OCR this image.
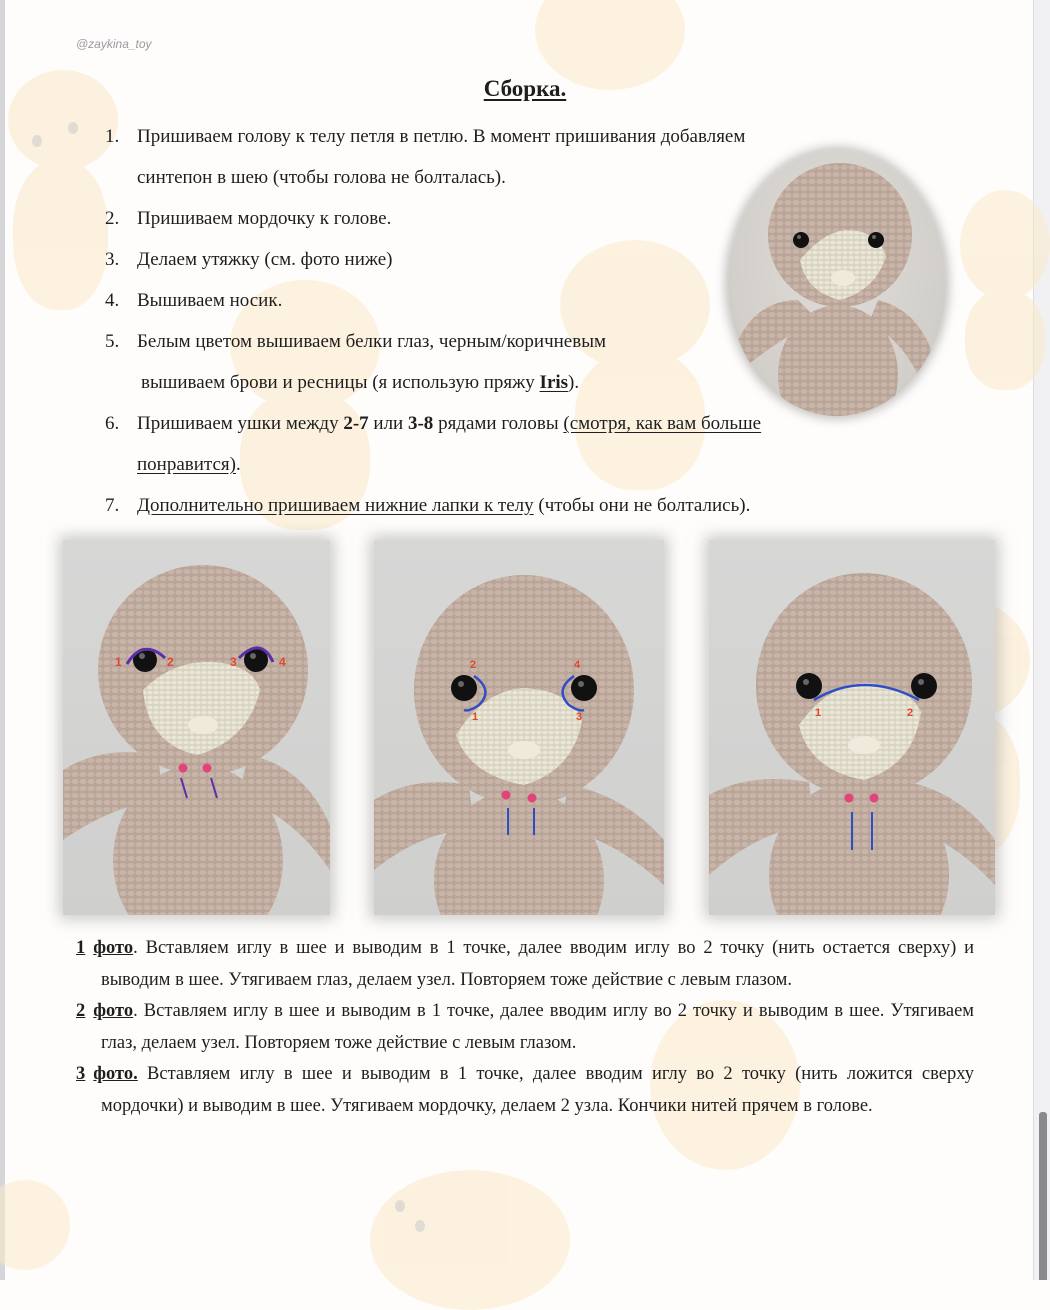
@zaykina_toy
Сборка.
1. Пришиваем голову к телу петля в петлю. В момент пришивания добавляем
синтепон в шею (чтобы голова не болталась).
2. Пришиваем мордочку к голове.
3. Делаем утяжку (см. фото ниже)
4. Вышиваем носик.
5. Белым цветом вышиваем белки глаз, черным/коричневым
вышиваем брови и ресницы (я использую пряжу Iris).
6. Пришиваем ушки между 2-7 или 3-8 рядами головы (смотря, как вам больше
понравится).
7. Дополнительно пришиваем нижние лапки к телу (чтобы они не болтались).
1	2	3	4	2
1
4
3	1	2
1 фото. Вставляем иглу в шее и выводим в 1 точке, далее вводим иглу во 2 точку (нить остается сверху) и выводим в шее. Утягиваем глаз, делаем узел. Повторяем тоже действие с левым глазом.
2 фото. Вставляем иглу в шее и выводим в 1 точке, далее вводим иглу во 2 точку и выводим в шее. Утягиваем глаз, делаем узел. Повторяем тоже действие с левым глазом.
3 фото. Вставляем иглу в шее и выводим в 1 точке, далее вводим иглу во 2 точку (нить ложится сверху мордочки) и выводим в шее. Утягиваем мордочку, делаем 2 узла. Кончики нитей прячем в голове.
